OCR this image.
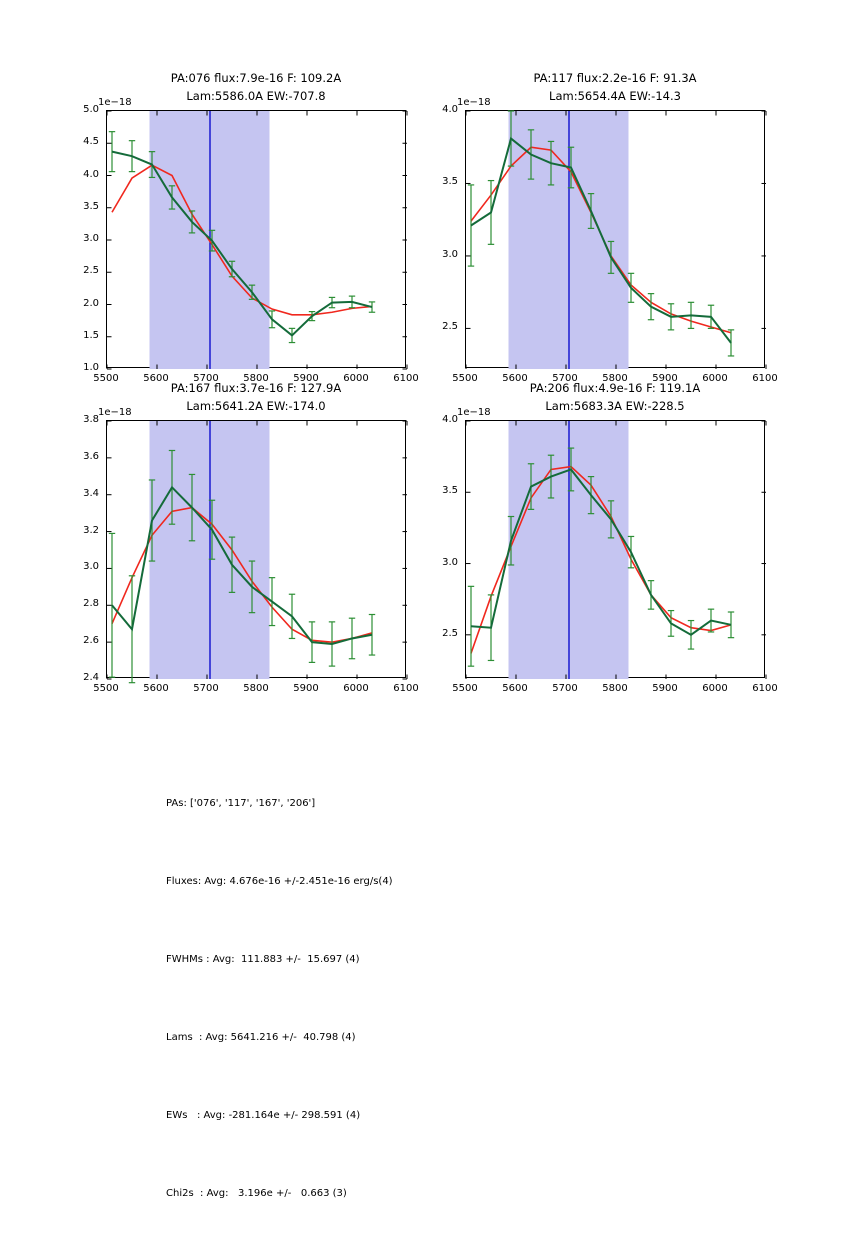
PA:076 flux:7.9e-16 F: 109.2A
Lam:5586.0A EW:-707.8
1e−18
1.0
1.5
2.0
2.5
3.0
3.5
4.0
4.5
5.0
5500 5600 5700 5800 5900 6000 6100
PA:117 flux:2.2e-16 F: 91.3A
Lam:5654.4A EW:-14.3
1e−18
2.5
3.0
3.5
4.0
5500 5600 5700 5800 5900 6000 6100
PA:167 flux:3.7e-16 F: 127.9A
Lam:5641.2A EW:-174.0
1e−18
2.4
2.6
2.8
3.0
3.2
3.4
3.6
3.8
5500 5600 5700 5800 5900 6000 6100
PA:206 flux:4.9e-16 F: 119.1A
Lam:5683.3A EW:-228.5
1e−18
2.5
3.0
3.5
4.0
5500 5600 5700 5800 5900 6000 6100

PAs: ['076', '117', '167', '206']

Fluxes: Avg: 4.676e-16 +/-2.451e-16 erg/s(4)

FWHMs : Avg:  111.883 +/-  15.697 (4)

Lams  : Avg: 5641.216 +/-  40.798 (4)

EWs   : Avg: -281.164e +/- 298.591 (4)

Chi2s  : Avg:   3.196e +/-   0.663 (3)
